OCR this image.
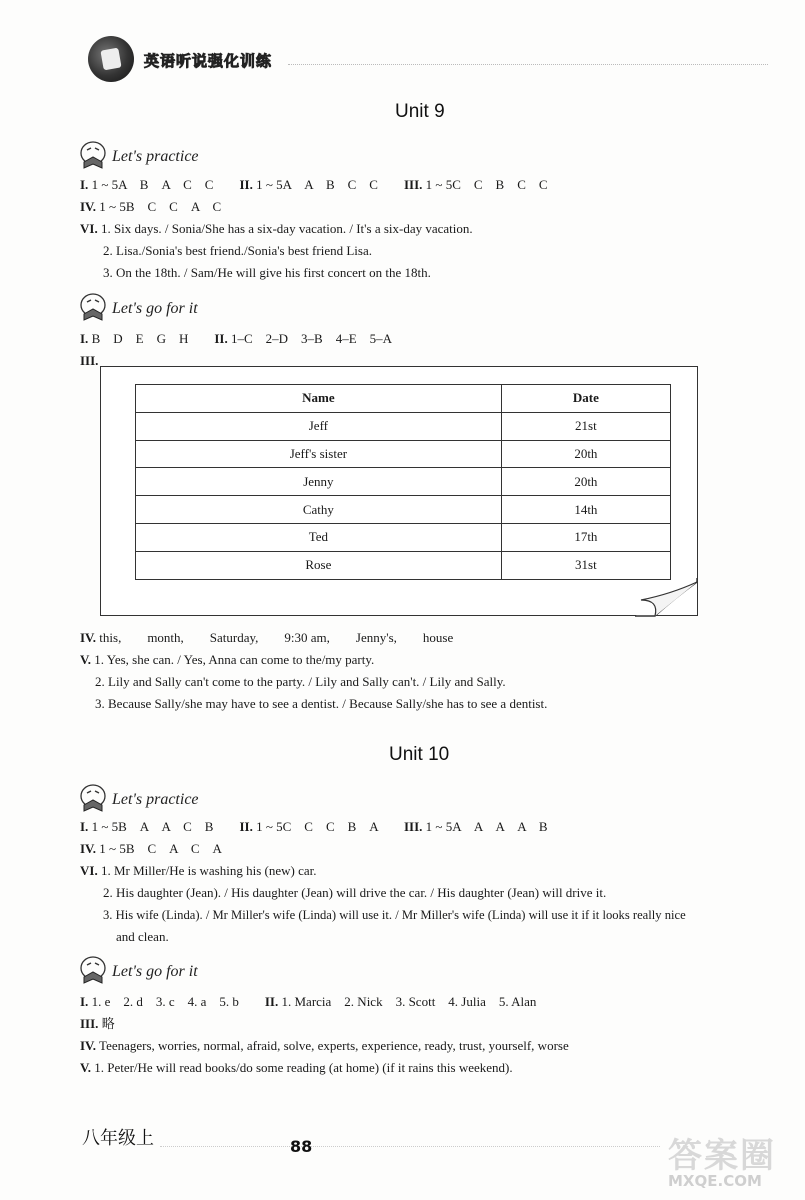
英语听说强化训练
Unit 9
Let's practice
I. 1 ~ 5A　B　A　C　C　　II. 1 ~ 5A　A　B　C　C　　III. 1 ~ 5C　C　B　C　C
IV. 1 ~ 5B　C　C　A　C
VI. 1. Six days. / Sonia/She has a six-day vacation. / It's a six-day vacation.
2. Lisa./Sonia's best friend./Sonia's best friend Lisa.
3. On the 18th. / Sam/He will give his first concert on the 18th.
Let's go for it
I. B　D　E　G　H　　II. 1–C　2–D　3–B　4–E　5–A
III.
Name	Date
Jeff	21st
Jeff's sister	20th
Jenny	20th
Cathy	14th
Ted	17th
Rose	31st
IV. this,　　month,　　Saturday,　　9:30 am,　　Jenny's,　　house
V. 1. Yes, she can. / Yes, Anna can come to the/my party.
2. Lily and Sally can't come to the party. / Lily and Sally can't. / Lily and Sally.
3. Because Sally/she may have to see a dentist. / Because Sally/she has to see a dentist.
Unit 10
Let's practice
I. 1 ~ 5B　A　A　C　B　　II. 1 ~ 5C　C　C　B　A　　III. 1 ~ 5A　A　A　A　B
IV. 1 ~ 5B　C　A　C　A
VI. 1. Mr Miller/He is washing his (new) car.
2. His daughter (Jean). / His daughter (Jean) will drive the car. / His daughter (Jean) will drive it.
3. His wife (Linda). / Mr Miller's wife (Linda) will use it. / Mr Miller's wife (Linda) will use it if it looks really nice
and clean.
Let's go for it
I. 1. e　2. d　3. c　4. a　5. b　　II. 1. Marcia　2. Nick　3. Scott　4. Julia　5. Alan
III. 略
IV. Teenagers, worries, normal, afraid, solve, experts, experience, ready, trust, yourself, worse
V. 1. Peter/He will read books/do some reading (at home) (if it rains this weekend).
八年级上	88	答案圈
MXQE.COM
